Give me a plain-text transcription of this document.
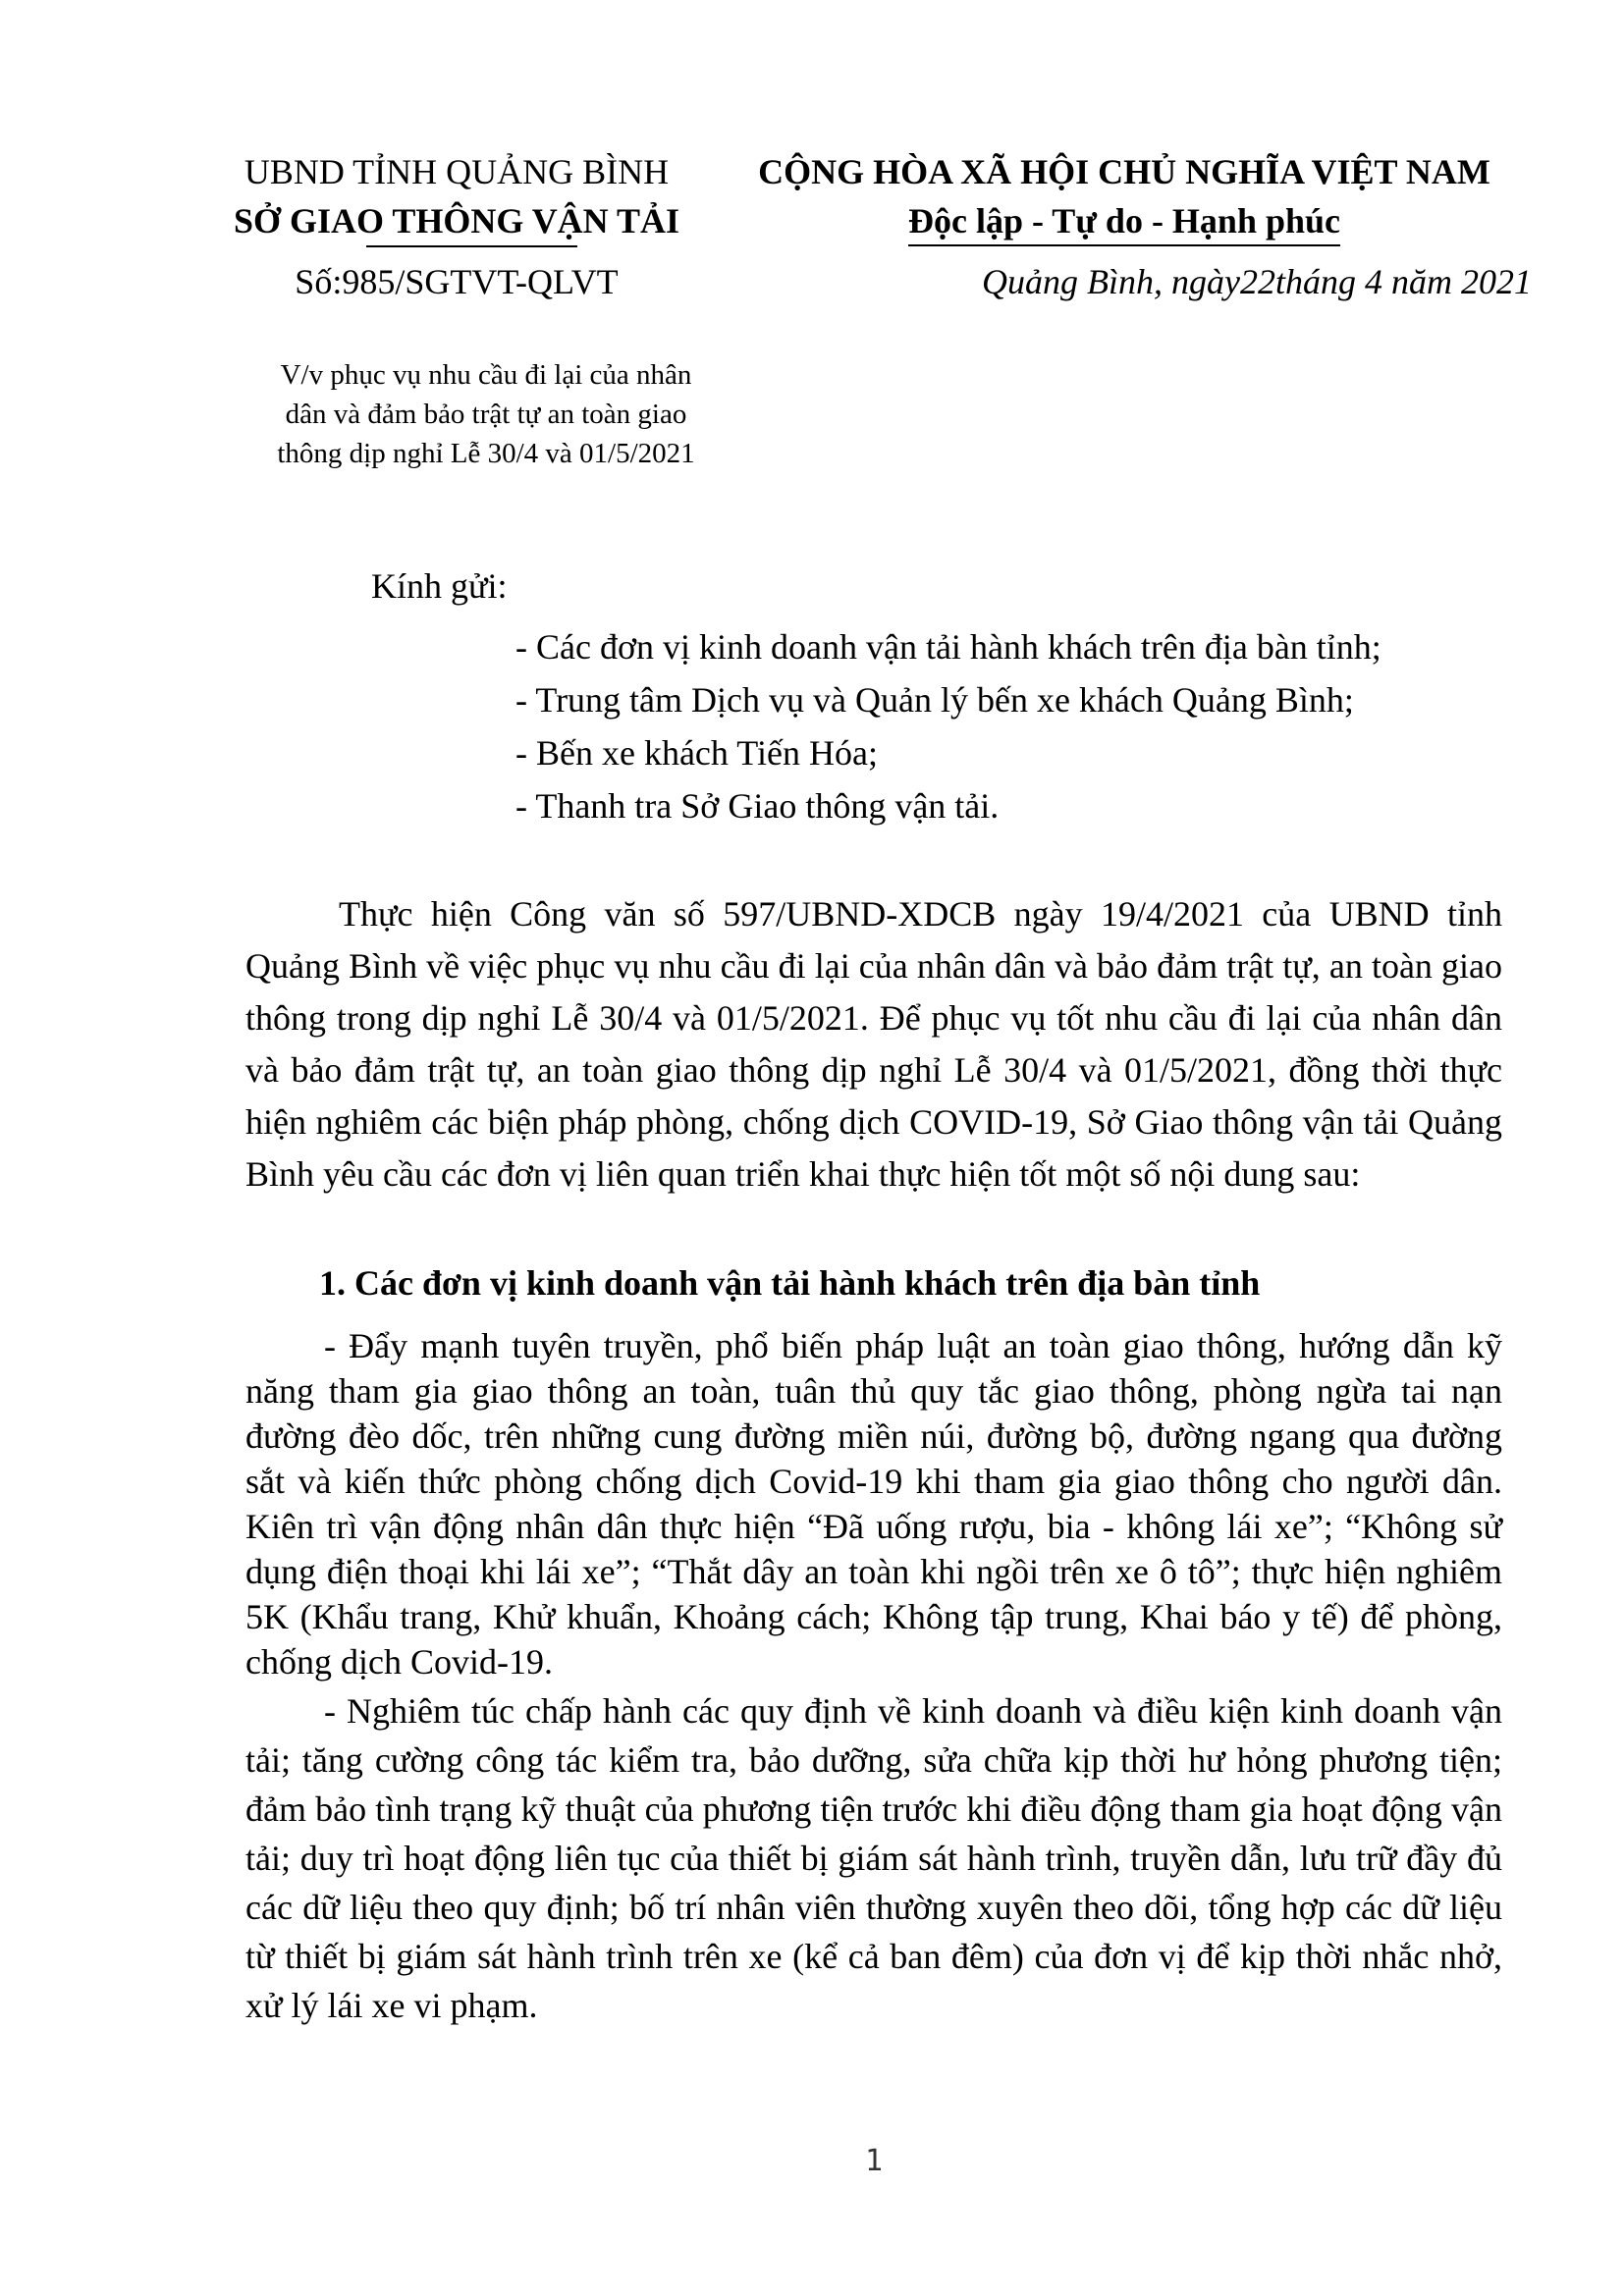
UBND TỈNH QUẢNG BÌNH
SỞ GIAO THÔNG VẬN TẢI
CỘNG HÒA XÃ HỘI CHỦ NGHĨA VIỆT NAM
Độc lập - Tự do - Hạnh phúc
Số:985/SGTVT-QLVT	Quảng Bình, ngày22tháng 4 năm 2021
V/v phục vụ nhu cầu đi lại của nhân dân và đảm bảo trật tự an toàn giao thông dịp nghỉ Lễ 30/4 và 01/5/2021
Kính gửi:
- Các đơn vị kinh doanh vận tải hành khách trên địa bàn tỉnh;
- Trung tâm Dịch vụ và Quản lý bến xe khách Quảng Bình;
- Bến xe khách Tiến Hóa;
- Thanh tra Sở Giao thông vận tải.

Thực hiện Công văn số 597/UBND-XDCB ngày 19/4/2021 của UBND tỉnh Quảng Bình về việc phục vụ nhu cầu đi lại của nhân dân và bảo đảm trật tự, an toàn giao thông trong dịp nghỉ Lễ 30/4 và 01/5/2021. Để phục vụ tốt nhu cầu đi lại của nhân dân và bảo đảm trật tự, an toàn giao thông dịp nghỉ Lễ 30/4 và 01/5/2021, đồng thời thực hiện nghiêm các biện pháp phòng, chống dịch COVID-19, Sở Giao thông vận tải Quảng Bình yêu cầu các đơn vị liên quan triển khai thực hiện tốt một số nội dung sau:

1. Các đơn vị kinh doanh vận tải hành khách trên địa bàn tỉnh

- Đẩy mạnh tuyên truyền, phổ biến pháp luật an toàn giao thông, hướng dẫn kỹ năng tham gia giao thông an toàn, tuân thủ quy tắc giao thông, phòng ngừa tai nạn đường đèo dốc, trên những cung đường miền núi, đường bộ, đường ngang qua đường sắt và kiến thức phòng chống dịch Covid-19 khi tham gia giao thông cho người dân. Kiên trì vận động nhân dân thực hiện “Đã uống rượu, bia - không lái xe”; “Không sử dụng điện thoại khi lái xe”; “Thắt dây an toàn khi ngồi trên xe ô tô”; thực hiện nghiêm 5K (Khẩu trang, Khử khuẩn, Khoảng cách; Không tập trung, Khai báo y tế) để phòng, chống dịch Covid-19.

- Nghiêm túc chấp hành các quy định về kinh doanh và điều kiện kinh doanh vận tải; tăng cường công tác kiểm tra, bảo dưỡng, sửa chữa kịp thời hư hỏng phương tiện; đảm bảo tình trạng kỹ thuật của phương tiện trước khi điều động tham gia hoạt động vận tải; duy trì hoạt động liên tục của thiết bị giám sát hành trình, truyền dẫn, lưu trữ đầy đủ các dữ liệu theo quy định; bố trí nhân viên thường xuyên theo dõi, tổng hợp các dữ liệu từ thiết bị giám sát hành trình trên xe (kể cả ban đêm) của đơn vị để kịp thời nhắc nhở, xử lý lái xe vi phạm.

1
